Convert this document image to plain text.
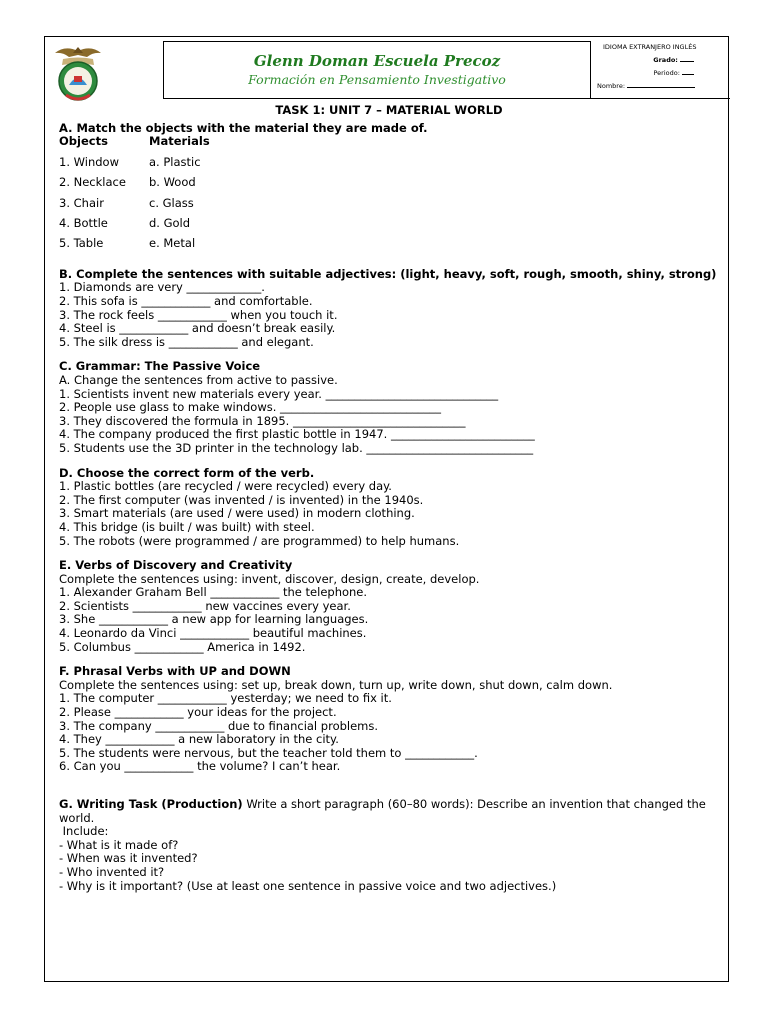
Glenn Doman Escuela Precoz
Formación en Pensamiento Investigativo
IDIOMA EXTRANJERO INGLÉS
Grado:
Periodo:
Nombre:
TASK 1: UNIT 7 – MATERIAL WORLD
A. Match the objects with the material they are made of.
Objects	Materials
1. Window	a. Plastic
2. Necklace	b. Wood
3. Chair	c. Glass
4. Bottle	d. Gold
5. Table	e. Metal
B. Complete the sentences with suitable adjectives: (light, heavy, soft, rough, smooth, shiny, strong)

1. Diamonds are very _____________.

2. This sofa is ____________ and comfortable.

3. The rock feels ____________ when you touch it.

4. Steel is ____________ and doesn’t break easily.

5. The silk dress is ____________ and elegant.

C. Grammar: The Passive Voice

A. Change the sentences from active to passive.

1. Scientists invent new materials every year. ______________________________

2. People use glass to make windows. ____________________________

3. They discovered the formula in 1895. ______________________________

4. The company produced the first plastic bottle in 1947. _________________________

5. Students use the 3D printer in the technology lab. _____________________________

D. Choose the correct form of the verb.

1. Plastic bottles (are recycled / were recycled) every day.

2. The first computer (was invented / is invented) in the 1940s.

3. Smart materials (are used / were used) in modern clothing.

4. This bridge (is built / was built) with steel.

5. The robots (were programmed / are programmed) to help humans.

E. Verbs of Discovery and Creativity

Complete the sentences using: invent, discover, design, create, develop.

1. Alexander Graham Bell ____________ the telephone.

2. Scientists ____________ new vaccines every year.

3. She ____________ a new app for learning languages.

4. Leonardo da Vinci ____________ beautiful machines.

5. Columbus ____________ America in 1492.

F. Phrasal Verbs with UP and DOWN

Complete the sentences using: set up, break down, turn up, write down, shut down, calm down.

1. The computer ____________ yesterday; we need to fix it.

2. Please ____________ your ideas for the project.

3. The company ____________ due to financial problems.

4. They ____________ a new laboratory in the city.

5. The students were nervous, but the teacher told them to ____________.

6. Can you ____________ the volume? I can’t hear.

G. Writing Task (Production) Write a short paragraph (60–80 words): Describe an invention that changed the world.

Include:

- What is it made of?

- When was it invented?

- Who invented it?

- Why is it important? (Use at least one sentence in passive voice and two adjectives.)
